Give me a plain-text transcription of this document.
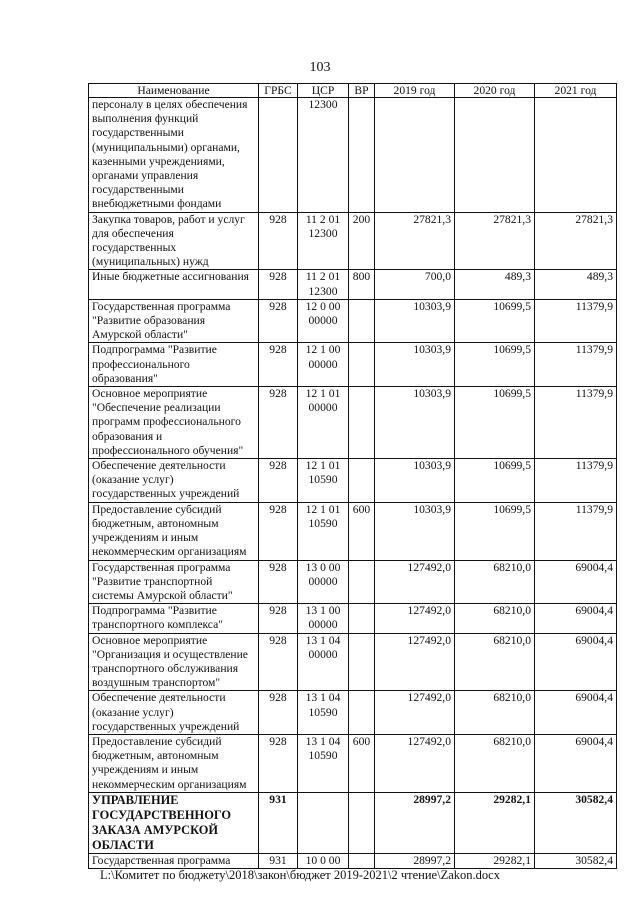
103
Наименование	ГРБС	ЦСР	ВР	2019 год	2020 год	2021 год
персоналу в целях обеспечения выполнения функций государственными (муниципальными) органами, казенными учреждениями, органами управления государственными внебюджетными фондами		12300				
Закупка товаров, работ и услуг для обеспечения государственных (муниципальных) нужд	928	11 2 01 12300	200	27821,3	27821,3	27821,3
Иные бюджетные ассигнования	928	11 2 01 12300	800	700,0	489,3	489,3
Государственная программа "Развитие образования Амурской области"	928	12 0 00 00000		10303,9	10699,5	11379,9
Подпрограмма "Развитие профессионального образования"	928	12 1 00 00000		10303,9	10699,5	11379,9
Основное мероприятие "Обеспечение реализации программ профессионального образования и профессионального обучения"	928	12 1 01 00000		10303,9	10699,5	11379,9
Обеспечение деятельности (оказание услуг) государственных учреждений	928	12 1 01 10590		10303,9	10699,5	11379,9
Предоставление субсидий бюджетным, автономным учреждениям и иным некоммерческим организациям	928	12 1 01 10590	600	10303,9	10699,5	11379,9
Государственная программа "Развитие транспортной системы Амурской области"	928	13 0 00 00000		127492,0	68210,0	69004,4
Подпрограмма "Развитие транспортного комплекса"	928	13 1 00 00000		127492,0	68210,0	69004,4
Основное мероприятие "Организация и осуществление транспортного обслуживания воздушным транспортом"	928	13 1 04 00000		127492,0	68210,0	69004,4
Обеспечение деятельности (оказание услуг) государственных учреждений	928	13 1 04 10590		127492,0	68210,0	69004,4
Предоставление субсидий бюджетным, автономным учреждениям и иным некоммерческим организациям	928	13 1 04 10590	600	127492,0	68210,0	69004,4
УПРАВЛЕНИЕ ГОСУДАРСТВЕННОГО ЗАКАЗА АМУРСКОЙ ОБЛАСТИ	931			28997,2	29282,1	30582,4
Государственная программа	931	10 0 00		28997,2	29282,1	30582,4
L:\Комитет по бюджету\2018\закон\бюджет 2019-2021\2 чтение\Zakon.docx
